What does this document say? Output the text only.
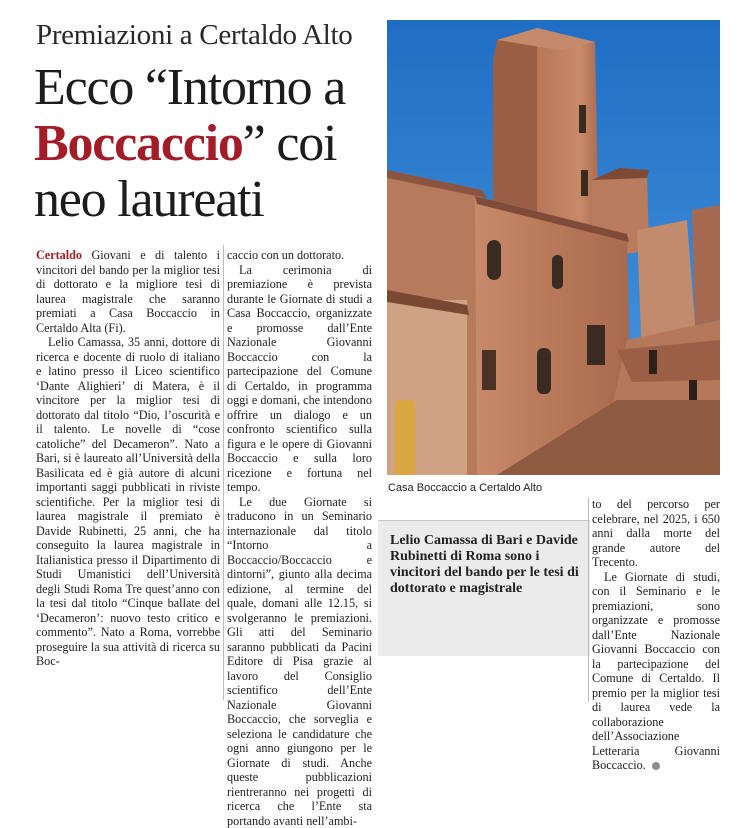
Premiazioni a Certaldo Alto
Ecco “Intorno a Boccaccio” coi neo laureati
Casa Boccaccio a Certaldo Alto

Certaldo Giovani e di talento i vincitori del bando per la miglior tesi di dottorato e la migliore tesi di laurea magistrale che saranno premiati a Casa Boccaccio in Certaldo Alta (Fi).

Lelio Camassa, 35 anni, dottore di ricerca e docente di ruolo di italiano e latino presso il Liceo scientifico ‘Dante Alighieri’ di Matera, è il vincitore per la miglior tesi di dottorato dal titolo “Dio, l’oscurità e il talento. Le novelle di “cose catoliche” del Decameron”. Nato a Bari, si è laureato all’Università della Basilicata ed è già autore di alcuni importanti saggi pubblicati in riviste scientifiche. Per la miglior tesi di laurea magistrale il premiato è Davide Rubinetti, 25 anni, che ha conseguito la laurea magistrale in Italianistica presso il Dipartimento di Studi Umanistici dell’Università degli Studi Roma Tre quest’anno con la tesi dal titolo “Cinque ballate del ‘Decameron’: nuovo testo critico e commento”. Nato a Roma, vorrebbe proseguire la sua attività di ricerca su Boc-

caccio con un dottorato.

La cerimonia di premiazione è prevista durante le Giornate di studi a Casa Boccaccio, organizzate e promosse dall’Ente Nazionale Giovanni Boccaccio con la partecipazione del Comune di Certaldo, in programma oggi e domani, che intendono offrire un dialogo e un confronto scientifico sulla figura e le opere di Giovanni Boccaccio e sulla loro ricezione e fortuna nel tempo.

Le due Giornate si traducono in un Seminario internazionale dal titolo “Intorno a Boccaccio/Boccaccio e dintorni”, giunto alla decima edizione, al termine del quale, domani alle 12.15, si svolgeranno le premiazioni. Gli atti del Seminario saranno pubblicati da Pacini Editore di Pisa grazie al lavoro del Consiglio scientifico dell’Ente Nazionale Giovanni Boccaccio, che sorveglia e seleziona le candidature che ogni anno giungono per le Giornate di studi. Anche queste pubblicazioni rientreranno nei progetti di ricerca che l’Ente sta portando avanti nell’ambi-

Lelio Camassa di Bari e Davide Rubinetti di Roma sono i vincitori del bando per le tesi di dottorato e magistrale

to del percorso per celebrare, nel 2025, i 650 anni dalla morte del grande autore del Trecento.

Le Giornate di studi, con il Seminario e le premiazioni, sono organizzate e promosse dall’Ente Nazionale Giovanni Boccaccio con la partecipazione del Comune di Certaldo. Il premio per la miglior tesi di laurea vede la collaborazione dell’Associazione Letteraria Giovanni Boccaccio.
